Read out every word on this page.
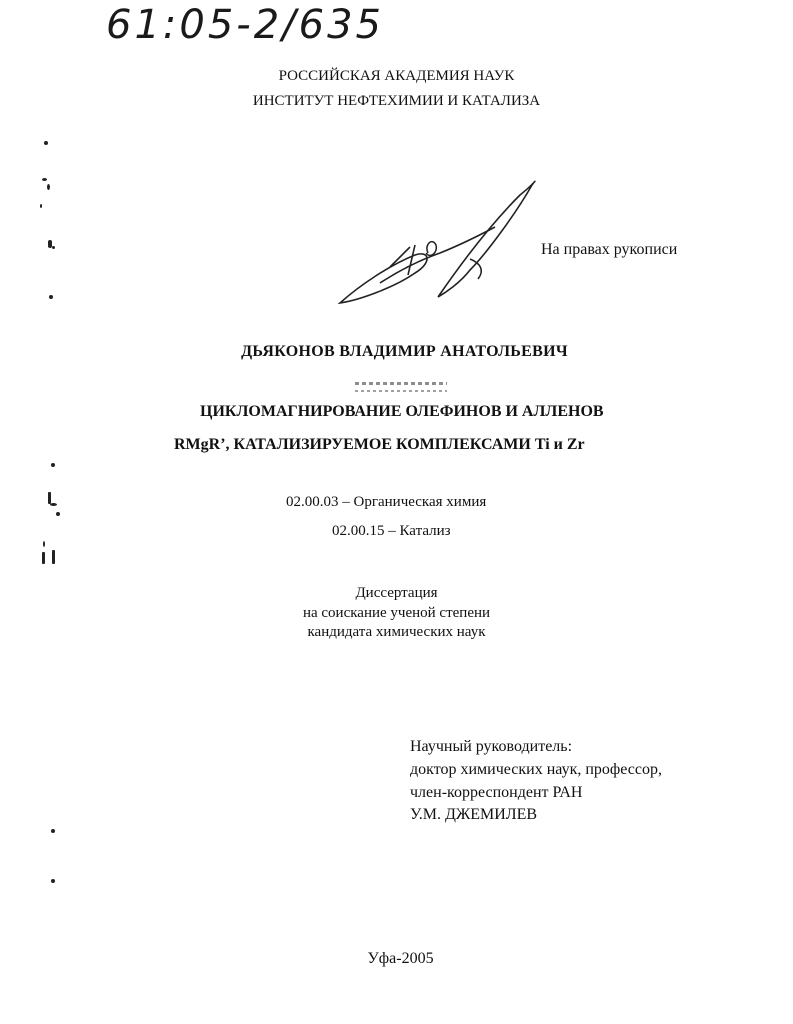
61:05-2/635
РОССИЙСКАЯ АКАДЕМИЯ НАУК
ИНСТИТУТ НЕФТЕХИМИИ И КАТАЛИЗА
На правах рукописи
ДЬЯКОНОВ ВЛАДИМИР АНАТОЛЬЕВИЧ
ЦИКЛОМАГНИРОВАНИЕ ОЛЕФИНОВ И АЛЛЕНОВ
RMgR’, КАТАЛИЗИРУЕМОЕ КОМПЛЕКСАМИ Ti и Zr
02.00.03 – Органическая химия
02.00.15 – Катализ
Диссертация
на соискание ученой степени
кандидата химических наук
Научный руководитель:
доктор химических наук, профессор,
член-корреспондент РАН
У.М. ДЖЕМИЛЕВ
Уфа-2005
